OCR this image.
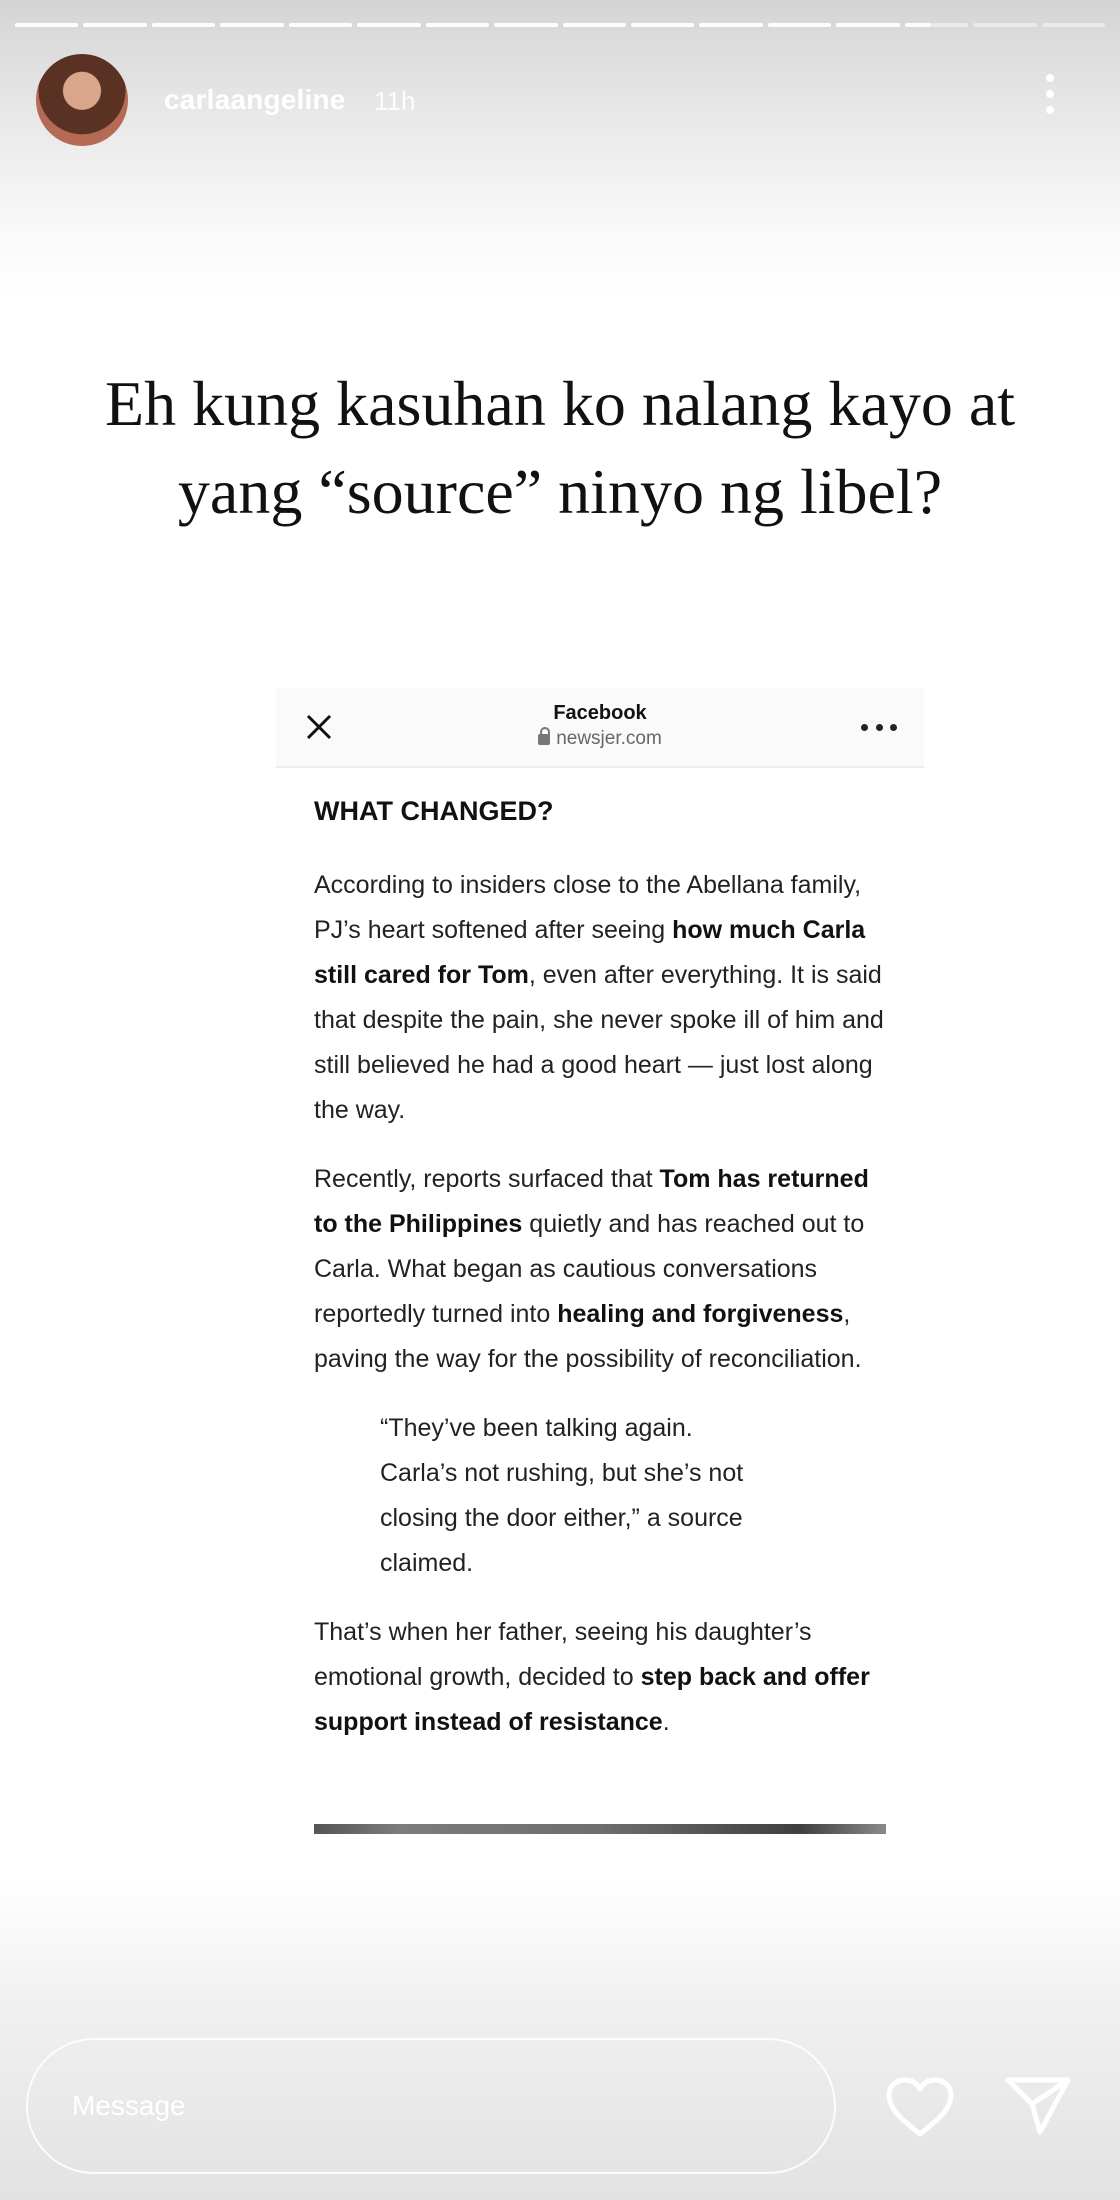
carlaangeline 11h
Eh kung kasuhan ko nalang kayo at
yang “source” ninyo ng libel?
Facebook
newsjer.com
WHAT CHANGED?

According to insiders close to the Abellana family, PJ’s heart softened after seeing how much Carla still cared for Tom, even after everything. It is said that despite the pain, she never spoke ill of him and still believed he had a good heart — just lost along the way.

Recently, reports surfaced that Tom has returned to the Philippines quietly and has reached out to Carla. What began as cautious conversations reportedly turned into healing and forgiveness, paving the way for the possibility of reconciliation.

“They’ve been talking again.
Carla’s not rushing, but she’s not
closing the door either,” a source
claimed.

That’s when her father, seeing his daughter’s emotional growth, decided to step back and offer support instead of resistance.

Message
